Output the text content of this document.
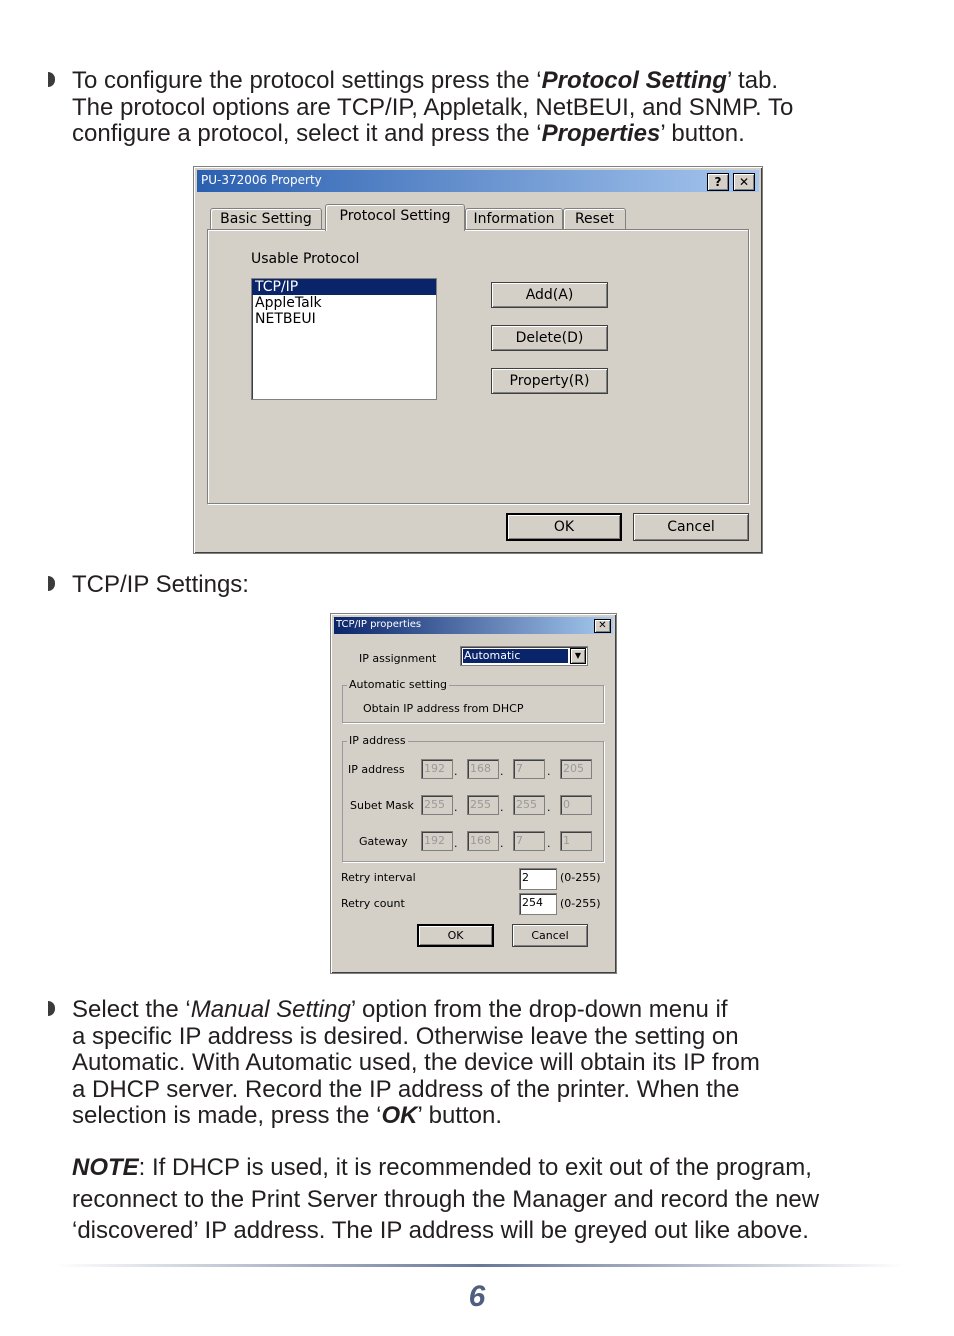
To configure the protocol settings press the ‘Protocol Setting’ tab.
The protocol options are TCP/IP, Appletalk, NetBEUI, and SNMP. To
configure a protocol, select it and press the ‘Properties’ button.

PU-372006 Property	?	✕
Basic Setting	Protocol Setting	Information	Reset
Usable Protocol
TCP/IP
AppleTalk
NETBEUI
Add(A)
Delete(D)
Property(R)
OK	Cancel

TCP/IP Settings:

TCP/IP properties	✕
IP assignment	Automatic	▼
Automatic setting
Obtain IP address from DHCP
IP address
IP address 192 . 168 . 7	. 205
Subet Mask 255 . 255 . 255 . 0
Gateway 192 . 168 . 7	. 1
Retry interval	2	(0-255)
Retry count	254	(0-255)
OK	Cancel

Select the ‘Manual Setting’ option from the drop-down menu if
a specific IP address is desired. Otherwise leave the setting on
Automatic. With Automatic used, the device will obtain its IP from
a DHCP server. Record the IP address of the printer. When the
selection is made, press the ‘OK’ button.

NOTE: If DHCP is used, it is recommended to exit out of the program,
reconnect to the Print Server through the Manager and record the new
‘discovered’ IP address. The IP address will be greyed out like above.

6
